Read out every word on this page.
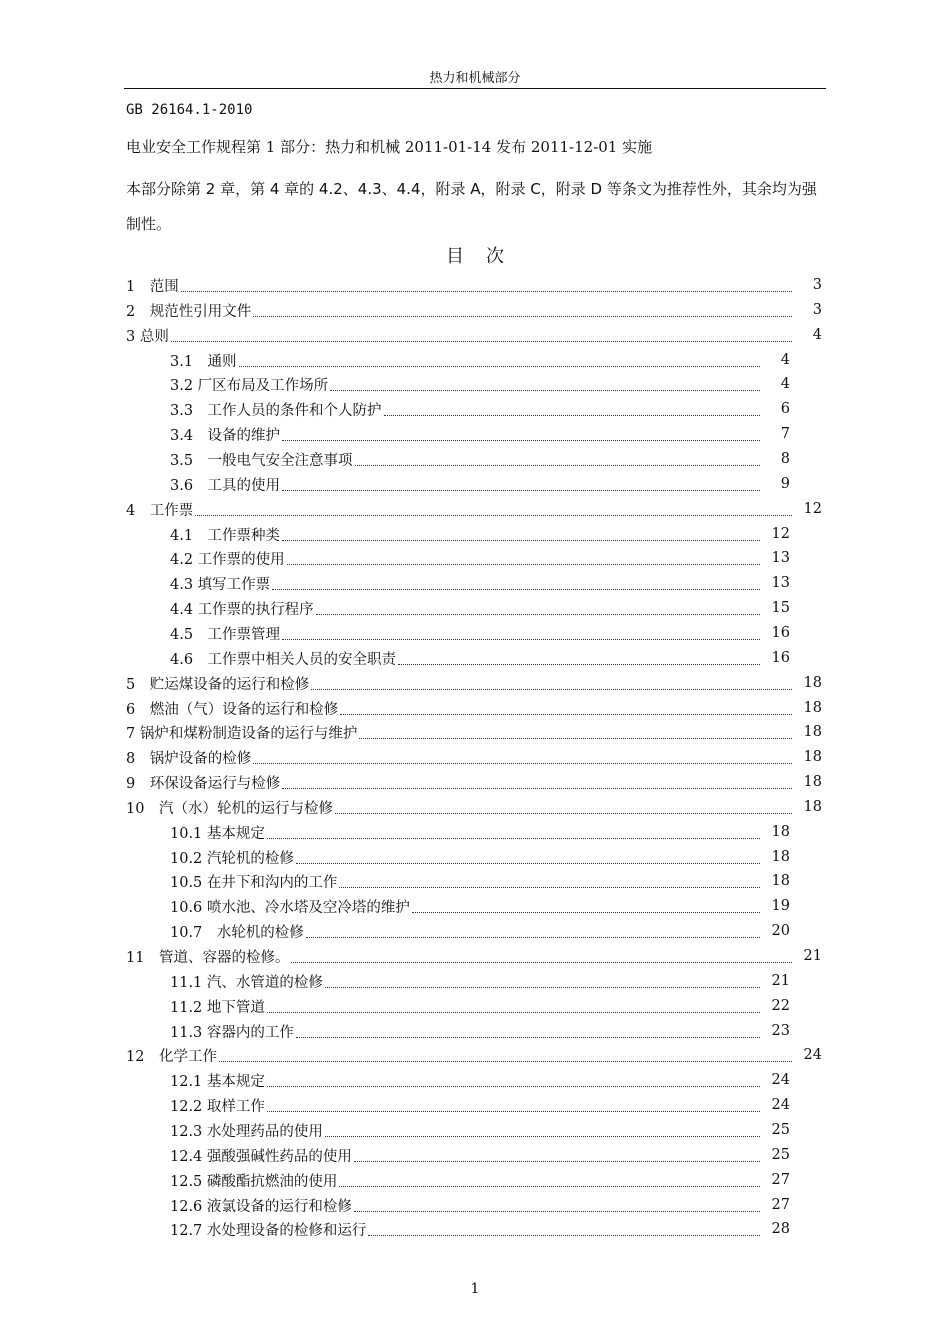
热力和机械部分
GB 26164.1-2010
电业安全工作规程第 1 部分：热力和机械 2011-01-14 发布 2011-12-01 实施
本部分除第 2 章，第 4 章的 4.2、4.3、4.4，附录 A，附录 C，附录 D 等条文为推荐性外，其余均为强制性。
目次
1　范围	3
2　规范性引用文件	3
3 总则	4
3.1　通则	4
3.2 厂区布局及工作场所	4
3.3　工作人员的条件和个人防护	6
3.4　设备的维护	7
3.5　一般电气安全注意事项	8
3.6　工具的使用	9
4　工作票	12
4.1　工作票种类	12
4.2 工作票的使用	13
4.3 填写工作票	13
4.4 工作票的执行程序	15
4.5　工作票管理	16
4.6　工作票中相关人员的安全职责	16
5　贮运煤设备的运行和检修	18
6　燃油（气）设备的运行和检修	18
7 锅炉和煤粉制造设备的运行与维护	18
8　锅炉设备的检修	18
9　环保设备运行与检修	18
10　汽（水）轮机的运行与检修	18
10.1 基本规定	18
10.2 汽轮机的检修	18
10.5 在井下和沟内的工作	18
10.6 喷水池、冷水塔及空冷塔的维护	19
10.7　水轮机的检修	20
11　管道、容器的检修。	21
11.1 汽、水管道的检修	21
11.2 地下管道	22
11.3 容器内的工作	23
12　化学工作	24
12.1 基本规定	24
12.2 取样工作	24
12.3 水处理药品的使用	25
12.4 强酸强碱性药品的使用	25
12.5 磷酸酯抗燃油的使用	27
12.6 液氯设备的运行和检修	27
12.7 水处理设备的检修和运行	28
1
